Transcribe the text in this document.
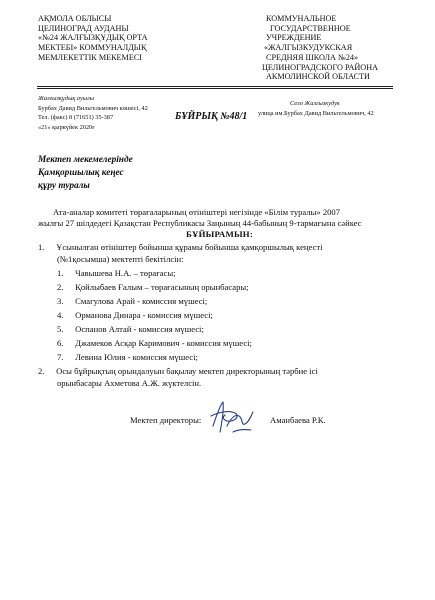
АҚМОЛА ОБЛЫСЫ
ЦЕЛИНОГРАД АУДАНЫ
«№24 ЖАЛҒЫЗҚҰДЫҚ ОРТА
МЕКТЕБІ» КОММУНАЛДЫҚ
МЕМЛЕКЕТТІК МЕКЕМЕСІ
КОММУНАЛЬНОЕ
ГОСУДАРСТВЕННОЕ
УЧРЕЖДЕНИЕ
«ЖАЛГЫЗКУДУКСКАЯ
СРЕДНЯЯ ШКОЛА №24»
ЦЕЛИНОГРАДСКОГО РАЙОНА
АКМОЛИНСКОЙ ОБЛАСТИ
Жалғызқұдық ауылы
Бурбах Давид Вильгельмович көшесі, 42
Тел. (факс) 8 (71651) 35-387
«21» қыркүйек 2020ғ
БҰЙРЫҚ №48/1
Село Жалгызкудук
улица им.Бурбах Давид Вильгельмович, 42
Мектеп мекемелерінде
Қамқоршылық кеңес
құру туралы
Ата-аналар комитеті төрағаларының өтініштері негізінде «Білім туралы» 2007
жылғы 27 шілдедегі Қазақстан Республикасы Заңының 44-бабының 9-тармағына сәйкес
БҰЙЫРАМЫН:
1. Ұсынылған өтініштер бойынша құрамы бойынша қамқоршылық кеңесті
(№1қосымша) мектепті бекітілсін:
1. Чавышева Н.А. – төрағасы;
2. Қойлыбаев Ғалым – төрағасының орынбасары;
3. Смагулова Арай - комиссия мүшесі;
4. Орманова Динара - комиссия мүшесі;
5. Оспанов Алтай - комиссия мүшесі;
6. Джамеков Асқар Каримович - комиссия мүшесі;
7. Левина Юлия - комиссия мүшесі;
2. Осы бұйрықтың орындалуын бақылау мектеп директорының тәрбие ісі
орынбасары Ахметова А.Ж. жүктелсін.
Мектеп директоры:	Аманбаева Р.К.
